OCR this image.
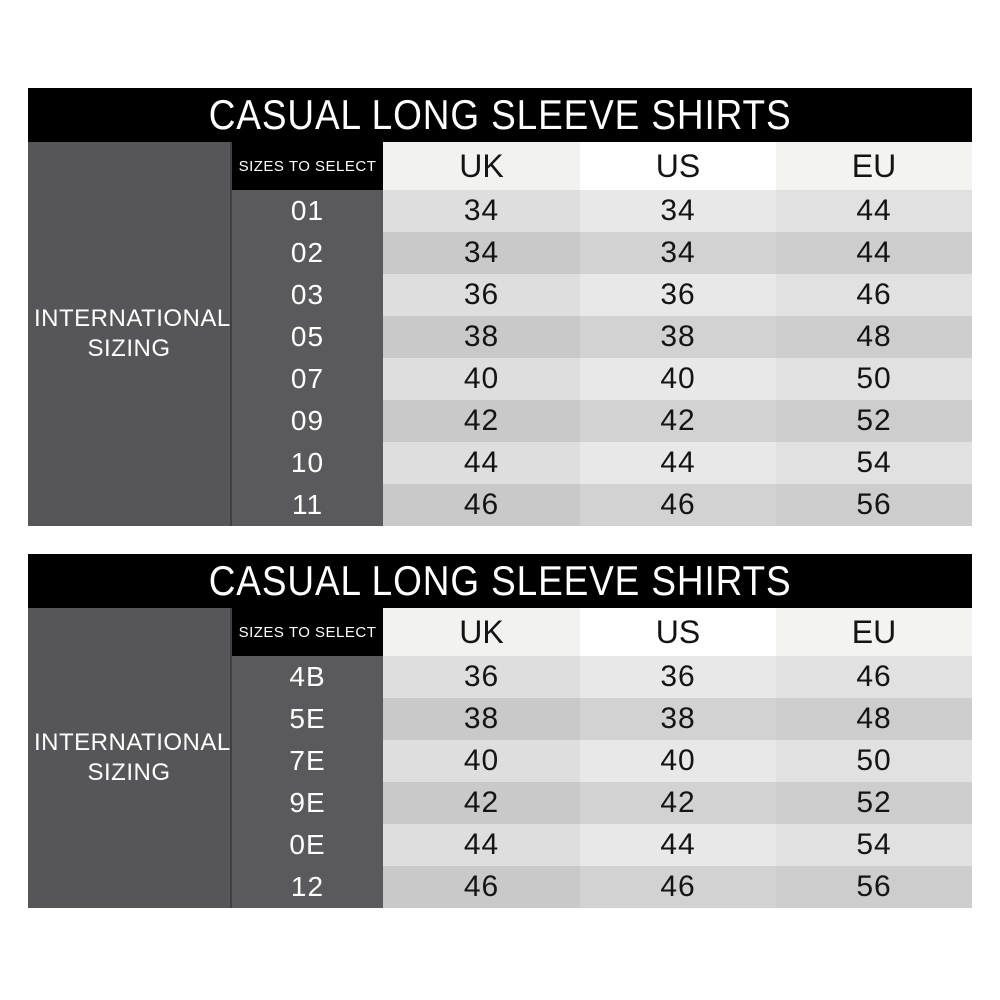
CASUAL LONG SLEEVE SHIRTS
INTERNATIONAL SIZING
SIZES TO SELECT	UK	US	EU
01	34	34	44
02	34	34	44
03	36	36	46
05	38	38	48
07	40	40	50
09	42	42	52
10	44	44	54
11	46	46	56
CASUAL LONG SLEEVE SHIRTS
INTERNATIONAL SIZING
SIZES TO SELECT	UK	US	EU
4B	36	36	46
5E	38	38	48
7E	40	40	50
9E	42	42	52
0E	44	44	54
12	46	46	56
